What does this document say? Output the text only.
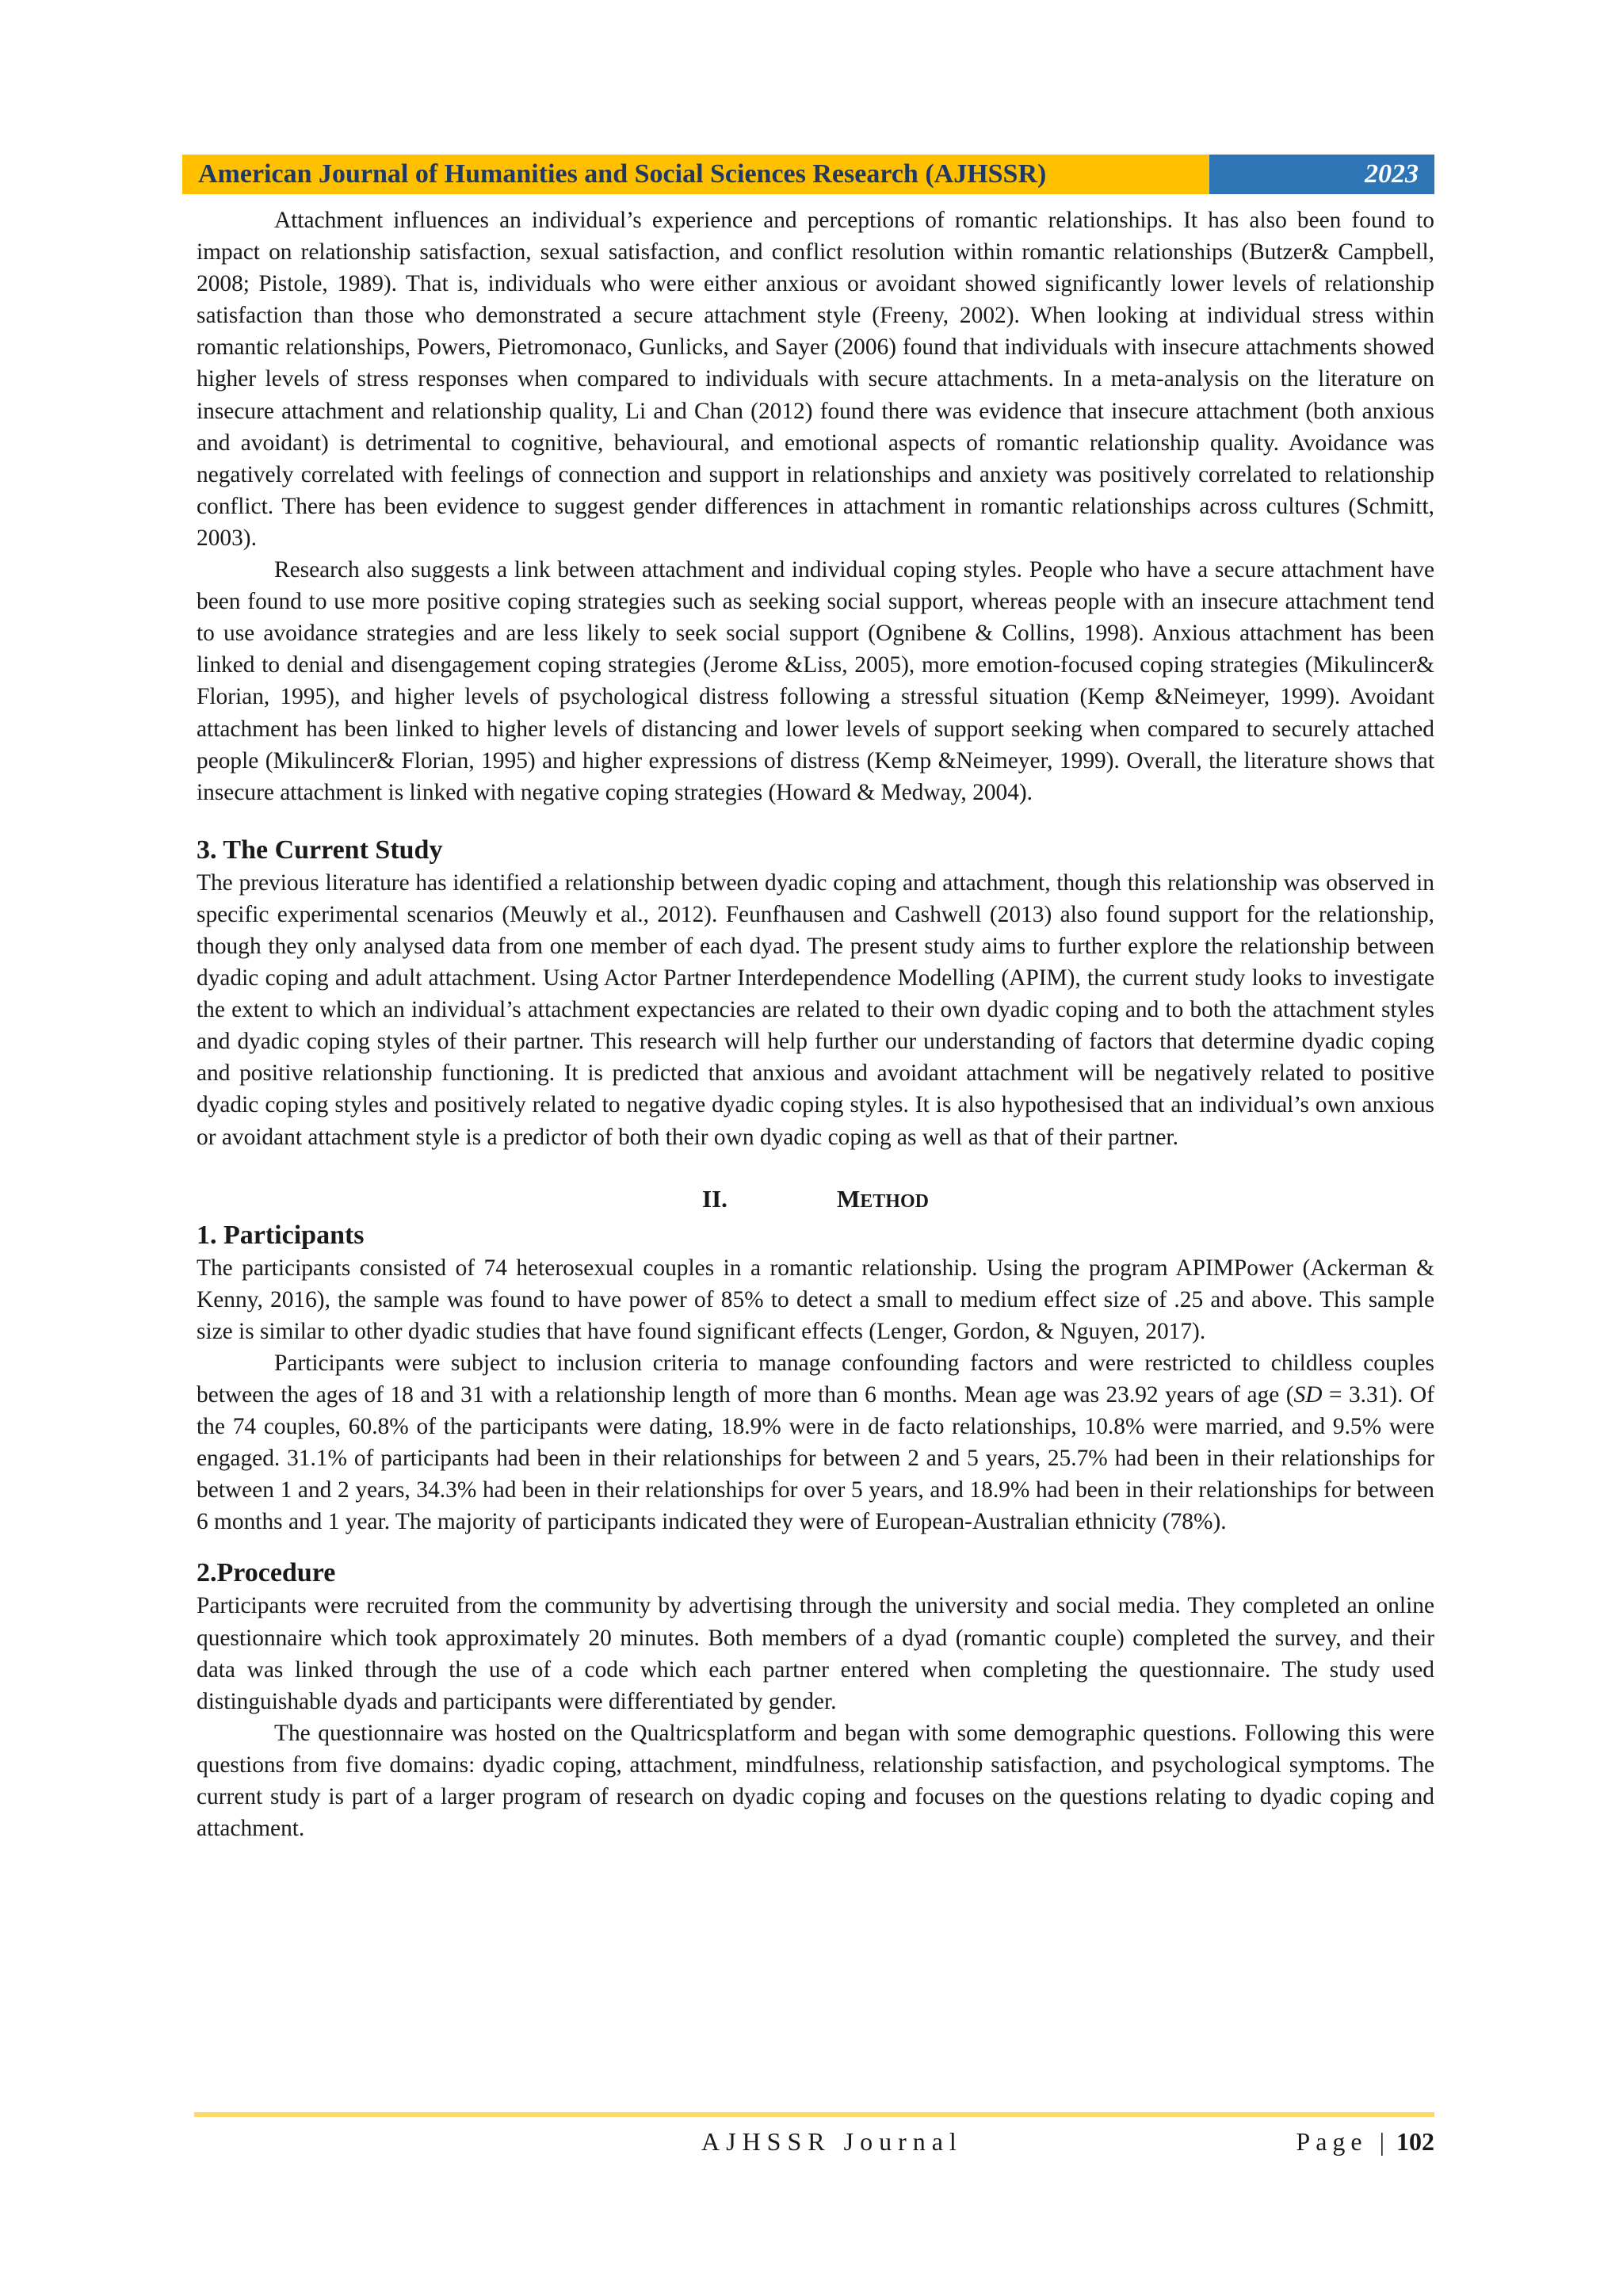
American Journal of Humanities and Social Sciences Research (AJHSSR)	2023

Attachment influences an individual’s experience and perceptions of romantic relationships. It has also been found to impact on relationship satisfaction, sexual satisfaction, and conflict resolution within romantic relationships (Butzer& Campbell, 2008; Pistole, 1989). That is, individuals who were either anxious or avoidant showed significantly lower levels of relationship satisfaction than those who demonstrated a secure attachment style (Freeny, 2002). When looking at individual stress within romantic relationships, Powers, Pietromonaco, Gunlicks, and Sayer (2006) found that individuals with insecure attachments showed higher levels of stress responses when compared to individuals with secure attachments. In a meta-analysis on the literature on insecure attachment and relationship quality, Li and Chan (2012) found there was evidence that insecure attachment (both anxious and avoidant) is detrimental to cognitive, behavioural, and emotional aspects of romantic relationship quality. Avoidance was negatively correlated with feelings of connection and support in relationships and anxiety was positively correlated to relationship conflict. There has been evidence to suggest gender differences in attachment in romantic relationships across cultures (Schmitt, 2003).

Research also suggests a link between attachment and individual coping styles. People who have a secure attachment have been found to use more positive coping strategies such as seeking social support, whereas people with an insecure attachment tend to use avoidance strategies and are less likely to seek social support (Ognibene & Collins, 1998). Anxious attachment has been linked to denial and disengagement coping strategies (Jerome &Liss, 2005), more emotion-focused coping strategies (Mikulincer& Florian, 1995), and higher levels of psychological distress following a stressful situation (Kemp &Neimeyer, 1999). Avoidant attachment has been linked to higher levels of distancing and lower levels of support seeking when compared to securely attached people (Mikulincer& Florian, 1995) and higher expressions of distress (Kemp &Neimeyer, 1999). Overall, the literature shows that insecure attachment is linked with negative coping strategies (Howard & Medway, 2004).

3. The Current Study

The previous literature has identified a relationship between dyadic coping and attachment, though this relationship was observed in specific experimental scenarios (Meuwly et al., 2012). Feunfhausen and Cashwell (2013) also found support for the relationship, though they only analysed data from one member of each dyad. The present study aims to further explore the relationship between dyadic coping and adult attachment. Using Actor Partner Interdependence Modelling (APIM), the current study looks to investigate the extent to which an individual’s attachment expectancies are related to their own dyadic coping and to both the attachment styles and dyadic coping styles of their partner. This research will help further our understanding of factors that determine dyadic coping and positive relationship functioning. It is predicted that anxious and avoidant attachment will be negatively related to positive dyadic coping styles and positively related to negative dyadic coping styles. It is also hypothesised that an individual’s own anxious or avoidant attachment style is a predictor of both their own dyadic coping as well as that of their partner.

II.	METHOD
1. Participants

The participants consisted of 74 heterosexual couples in a romantic relationship. Using the program APIMPower (Ackerman & Kenny, 2016), the sample was found to have power of 85% to detect a small to medium effect size of .25 and above. This sample size is similar to other dyadic studies that have found significant effects (Lenger, Gordon, & Nguyen, 2017).

Participants were subject to inclusion criteria to manage confounding factors and were restricted to childless couples between the ages of 18 and 31 with a relationship length of more than 6 months. Mean age was 23.92 years of age (SD = 3.31). Of the 74 couples, 60.8% of the participants were dating, 18.9% were in de facto relationships, 10.8% were married, and 9.5% were engaged. 31.1% of participants had been in their relationships for between 2 and 5 years, 25.7% had been in their relationships for between 1 and 2 years, 34.3% had been in their relationships for over 5 years, and 18.9% had been in their relationships for between 6 months and 1 year. The majority of participants indicated they were of European-Australian ethnicity (78%).

2.Procedure

Participants were recruited from the community by advertising through the university and social media. They completed an online questionnaire which took approximately 20 minutes. Both members of a dyad (romantic couple) completed the survey, and their data was linked through the use of a code which each partner entered when completing the questionnaire. The study used distinguishable dyads and participants were differentiated by gender.

The questionnaire was hosted on the Qualtricsplatform and began with some demographic questions. Following this were questions from five domains: dyadic coping, attachment, mindfulness, relationship satisfaction, and psychological symptoms. The current study is part of a larger program of research on dyadic coping and focuses on the questions relating to dyadic coping and attachment.

AJHSSR Journal	Page | 102
